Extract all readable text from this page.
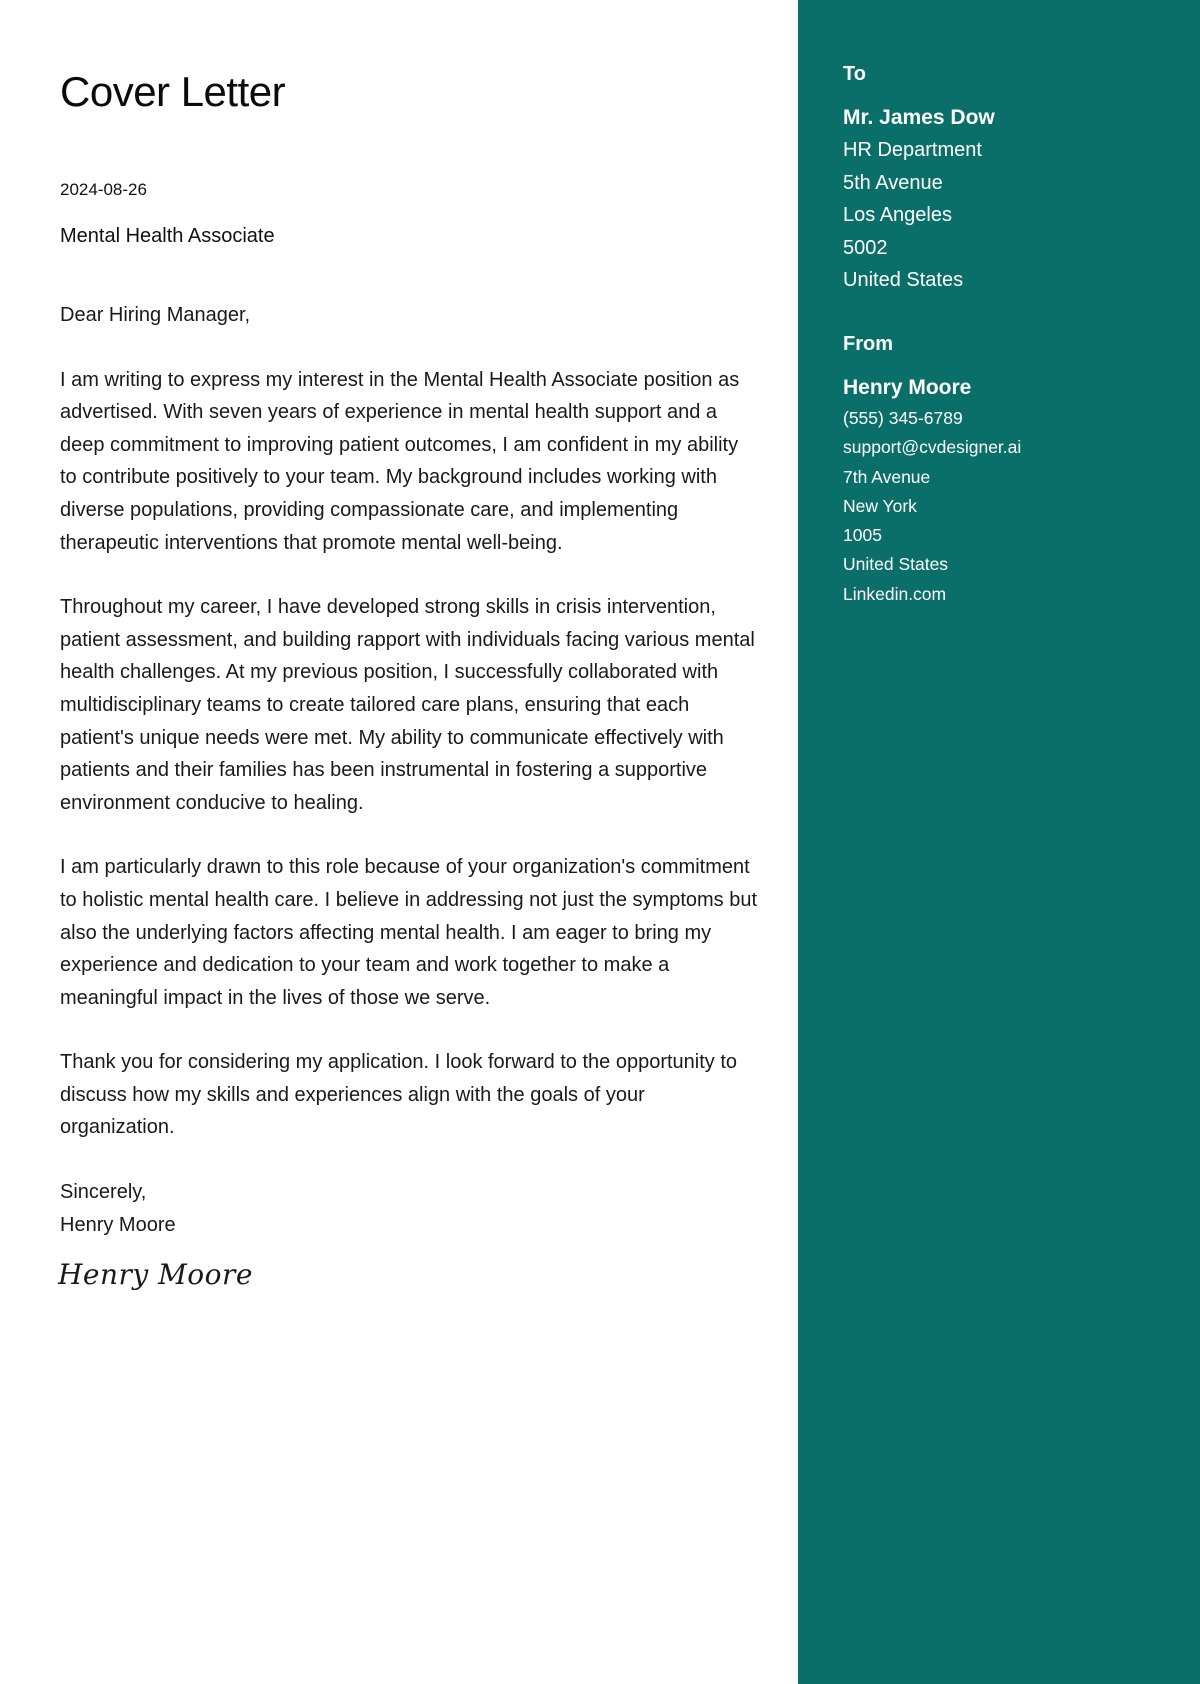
Cover Letter
2024-08-26
Mental Health Associate

Dear Hiring Manager,

I am writing to express my interest in the Mental Health Associate position as advertised. With seven years of experience in mental health support and a deep commitment to improving patient outcomes, I am confident in my ability to contribute positively to your team. My background includes working with diverse populations, providing compassionate care, and implementing therapeutic interventions that promote mental well-being.

Throughout my career, I have developed strong skills in crisis intervention, patient assessment, and building rapport with individuals facing various mental health challenges. At my previous position, I successfully collaborated with multidisciplinary teams to create tailored care plans, ensuring that each patient's unique needs were met. My ability to communicate effectively with patients and their families has been instrumental in fostering a supportive environment conducive to healing.

I am particularly drawn to this role because of your organization's commitment to holistic mental health care. I believe in addressing not just the symptoms but also the underlying factors affecting mental health. I am eager to bring my experience and dedication to your team and work together to make a meaningful impact in the lives of those we serve.

Thank you for considering my application. I look forward to the opportunity to discuss how my skills and experiences align with the goals of your organization.

Sincerely,
Henry Moore
Henry Moore
To
Mr. James Dow
HR Department
5th Avenue
Los Angeles
5002
United States
From
Henry Moore
(555) 345-6789
support@cvdesigner.ai
7th Avenue
New York
1005
United States
Linkedin.com
